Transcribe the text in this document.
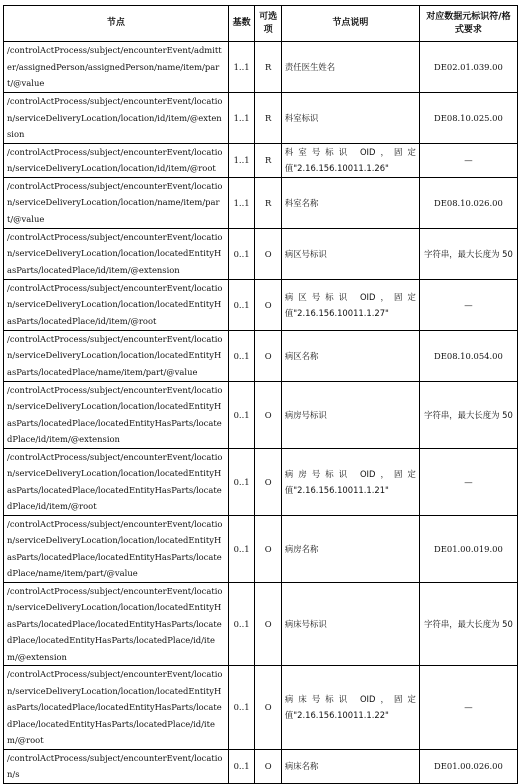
节点	基数	可选项	节点说明	对应数据元标识符/格式要求
/controlActProcess/subject/encounterEvent/admitter/assignedPerson/assignedPerson/name/item/part/@value	1..1	R	责任医生姓名	DE02.01.039.00
/controlActProcess/subject/encounterEvent/location/serviceDeliveryLocation/location/id/item/@extension	1..1	R	科室标识	DE08.10.025.00
/controlActProcess/subject/encounterEvent/location/serviceDeliveryLocation/location/id/item/@root	1..1	R	科室号标识 OID，固定值"2.16.156.10011.1.26"	—
/controlActProcess/subject/encounterEvent/location/serviceDeliveryLocation/location/name/item/part/@value	1..1	R	科室名称	DE08.10.026.00
/controlActProcess/subject/encounterEvent/location/serviceDeliveryLocation/location/locatedEntityHasParts/locatedPlace/id/item/@extension	0..1	O	病区号标识	字符串，最大长度为 50
/controlActProcess/subject/encounterEvent/location/serviceDeliveryLocation/location/locatedEntityHasParts/locatedPlace/id/item/@root	0..1	O	病区号标识 OID，固定值"2.16.156.10011.1.27"	—
/controlActProcess/subject/encounterEvent/location/serviceDeliveryLocation/location/locatedEntityHasParts/locatedPlace/name/item/part/@value	0..1	O	病区名称	DE08.10.054.00
/controlActProcess/subject/encounterEvent/location/serviceDeliveryLocation/location/locatedEntityHasParts/locatedPlace/locatedEntityHasParts/locatedPlace/id/item/@extension	0..1	O	病房号标识	字符串，最大长度为 50
/controlActProcess/subject/encounterEvent/location/serviceDeliveryLocation/location/locatedEntityHasParts/locatedPlace/locatedEntityHasParts/locatedPlace/id/item/@root	0..1	O	病房号标识 OID，固定值"2.16.156.10011.1.21"	—
/controlActProcess/subject/encounterEvent/location/serviceDeliveryLocation/location/locatedEntityHasParts/locatedPlace/locatedEntityHasParts/locatedPlace/name/item/part/@value	0..1	O	病房名称	DE01.00.019.00
/controlActProcess/subject/encounterEvent/location/serviceDeliveryLocation/location/locatedEntityHasParts/locatedPlace/locatedEntityHasParts/locatedPlace/locatedEntityHasParts/locatedPlace/id/item/@extension	0..1	O	病床号标识	字符串，最大长度为 50
/controlActProcess/subject/encounterEvent/location/serviceDeliveryLocation/location/locatedEntityHasParts/locatedPlace/locatedEntityHasParts/locatedPlace/locatedEntityHasParts/locatedPlace/id/item/@root	0..1	O	病床号标识 OID，固定值"2.16.156.10011.1.22"	—
/controlActProcess/subject/encounterEvent/location/s	0..1	O	病床名称	DE01.00.026.00
